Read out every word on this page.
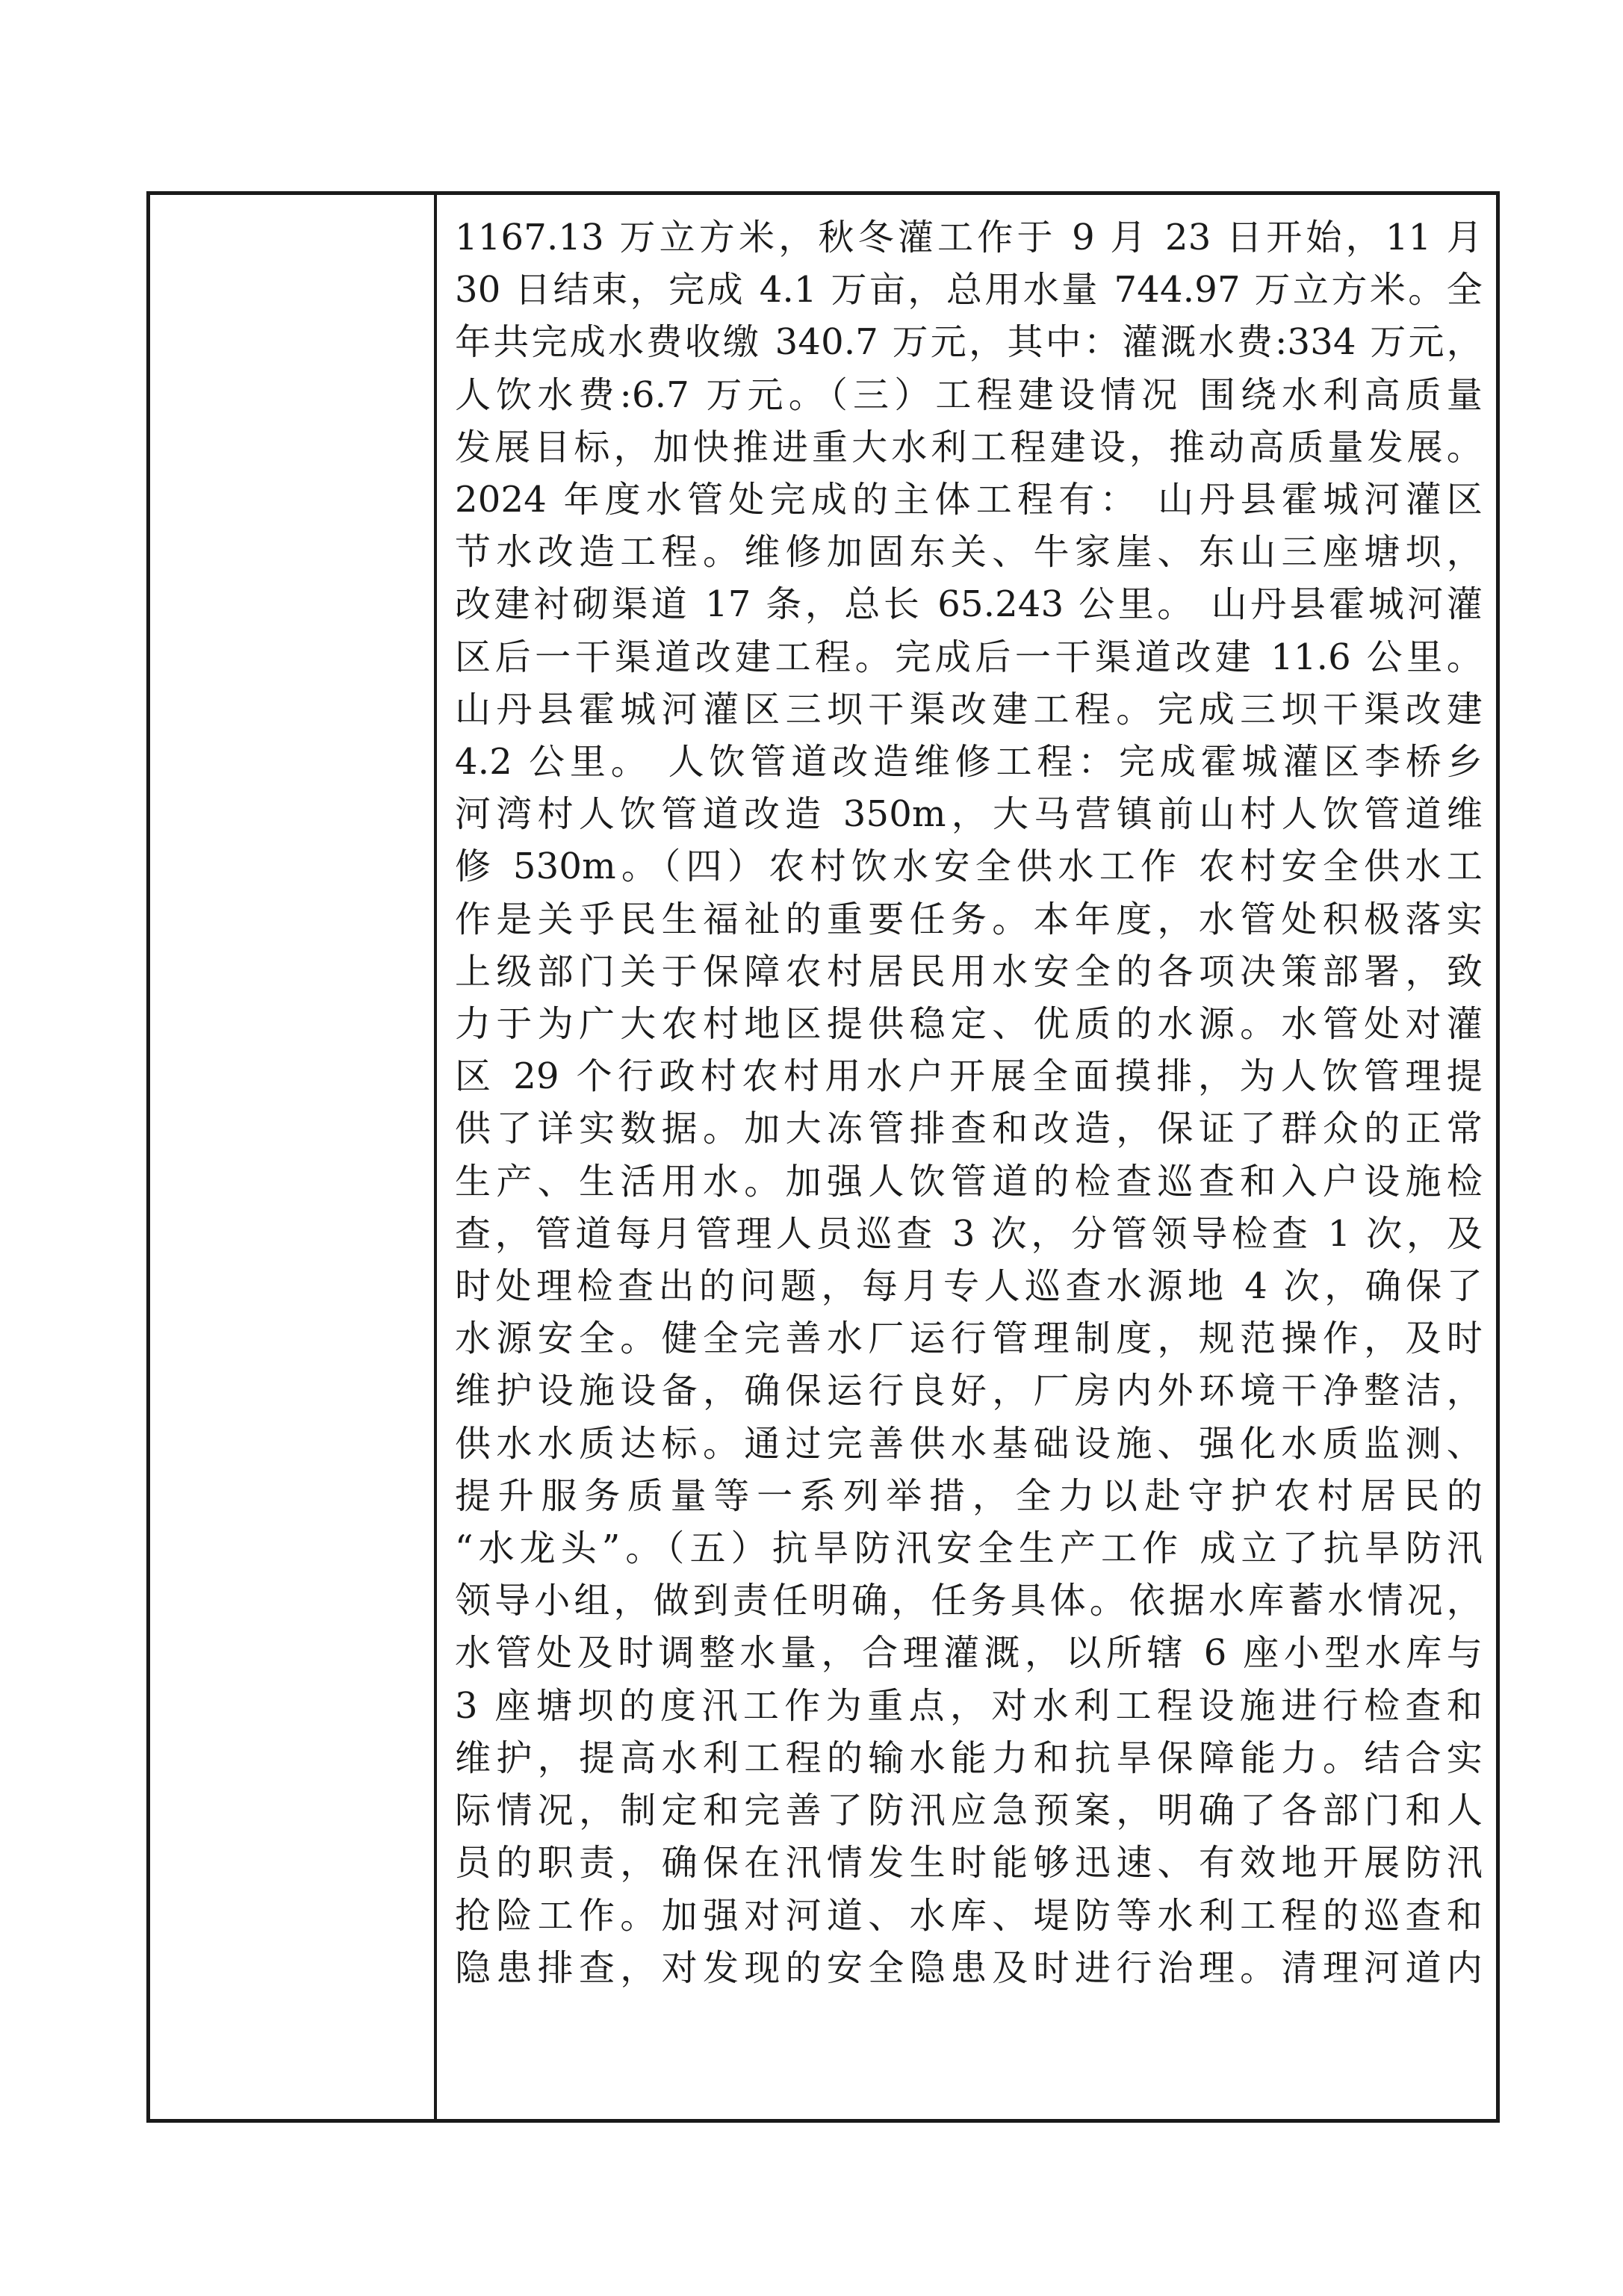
1167.13 万立方米，秋冬灌工作于 9 月 23 日开始，11 月
30 日结束，完成 4.1 万亩，总用水量 744.97 万立方米。全
年共完成水费收缴 340.7 万元，其中：灌溉水费:334 万元，
人饮水费:6.7 万元。（三）工程建设情况 围绕水利高质量
发展目标，加快推进重大水利工程建设，推动高质量发展。
2024 年度水管处完成的主体工程有： 山丹县霍城河灌区
节水改造工程。维修加固东关、牛家崖、东山三座塘坝，
改建衬砌渠道 17 条，总长 65.243 公里。 山丹县霍城河灌
区后一干渠道改建工程。完成后一干渠道改建 11.6 公里。
山丹县霍城河灌区三坝干渠改建工程。完成三坝干渠改建
4.2 公里。 人饮管道改造维修工程：完成霍城灌区李桥乡
河湾村人饮管道改造 350m，大马营镇前山村人饮管道维
修 530m。（四）农村饮水安全供水工作 农村安全供水工
作是关乎民生福祉的重要任务。本年度，水管处积极落实
上级部门关于保障农村居民用水安全的各项决策部署，致
力于为广大农村地区提供稳定、优质的水源。水管处对灌
区 29 个行政村农村用水户开展全面摸排，为人饮管理提
供了详实数据。加大冻管排查和改造，保证了群众的正常
生产、生活用水。加强人饮管道的检查巡查和入户设施检
查，管道每月管理人员巡查 3 次，分管领导检查 1 次，及
时处理检查出的问题，每月专人巡查水源地 4 次，确保了
水源安全。健全完善水厂运行管理制度，规范操作，及时
维护设施设备，确保运行良好，厂房内外环境干净整洁，
供水水质达标。通过完善供水基础设施、强化水质监测、
提升服务质量等一系列举措，全力以赴守护农村居民的
“水龙头”。（五）抗旱防汛安全生产工作 成立了抗旱防汛
领导小组，做到责任明确，任务具体。依据水库蓄水情况，
水管处及时调整水量，合理灌溉，以所辖 6 座小型水库与
3 座塘坝的度汛工作为重点，对水利工程设施进行检查和
维护，提高水利工程的输水能力和抗旱保障能力。结合实
际情况，制定和完善了防汛应急预案，明确了各部门和人
员的职责，确保在汛情发生时能够迅速、有效地开展防汛
抢险工作。加强对河道、水库、堤防等水利工程的巡查和
隐患排查，对发现的安全隐患及时进行治理。清理河道内
